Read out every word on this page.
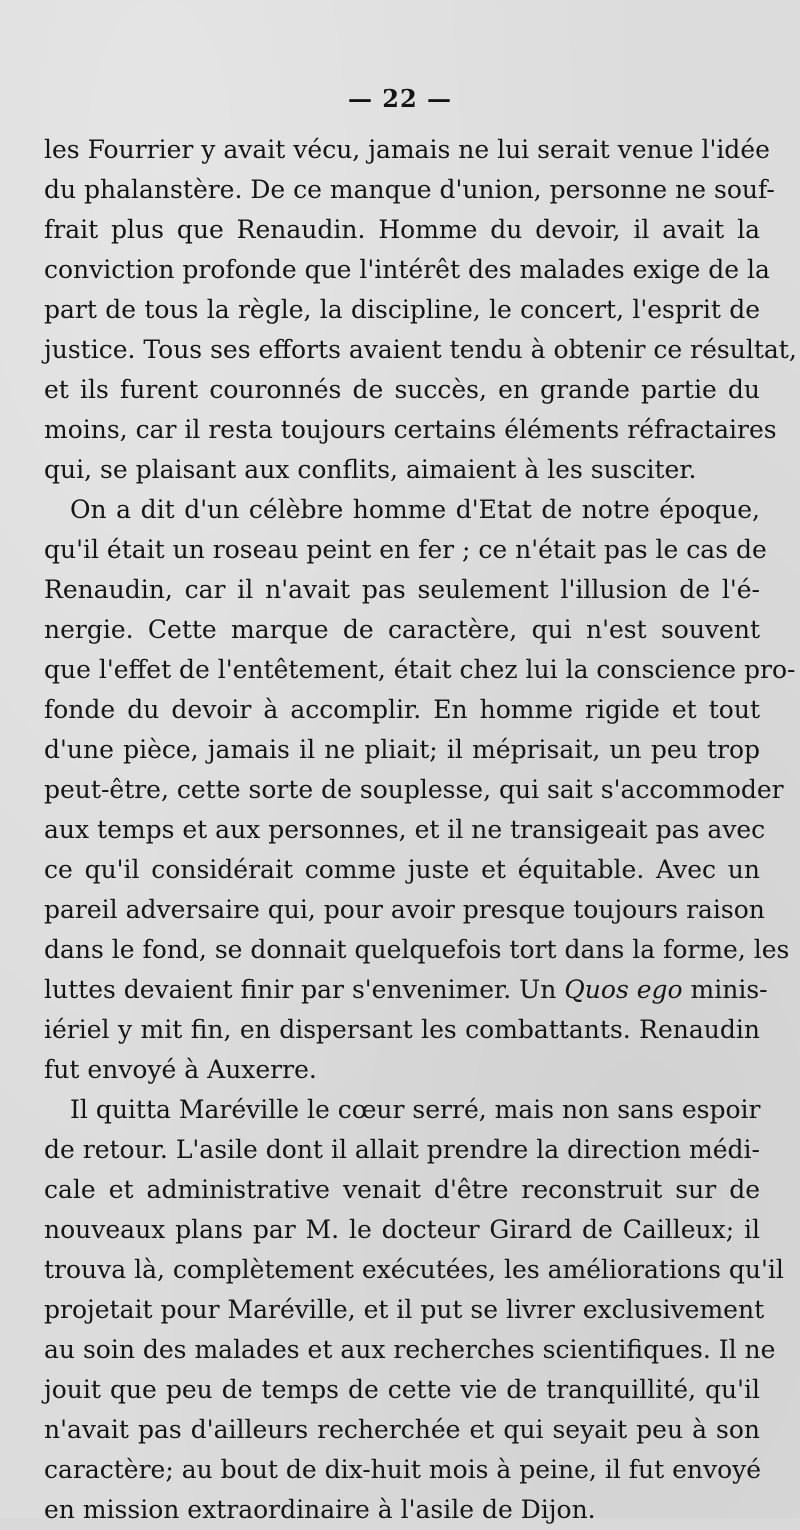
— 22 —
les Fourrier y avait vécu, jamais ne lui serait venue l'idée
du phalanstère. De ce manque d'union, personne ne souf-
frait plus que Renaudin. Homme du devoir, il avait la
conviction profonde que l'intérêt des malades exige de la
part de tous la règle, la discipline, le concert, l'esprit de
justice. Tous ses efforts avaient tendu à obtenir ce résultat,
et ils furent couronnés de succès, en grande partie du
moins, car il resta toujours certains éléments réfractaires
qui, se plaisant aux conflits, aimaient à les susciter.
On a dit d'un célèbre homme d'Etat de notre époque,
qu'il était un roseau peint en fer ; ce n'était pas le cas de
Renaudin, car il n'avait pas seulement l'illusion de l'é-
nergie. Cette marque de caractère, qui n'est souvent
que l'effet de l'entêtement, était chez lui la conscience pro-
fonde du devoir à accomplir. En homme rigide et tout
d'une pièce, jamais il ne pliait; il méprisait, un peu trop
peut-être, cette sorte de souplesse, qui sait s'accommoder
aux temps et aux personnes, et il ne transigeait pas avec
ce qu'il considérait comme juste et équitable. Avec un
pareil adversaire qui, pour avoir presque toujours raison
dans le fond, se donnait quelquefois tort dans la forme, les
luttes devaient finir par s'envenimer. Un Quos ego minis-
iériel y mit fin, en dispersant les combattants. Renaudin
fut envoyé à Auxerre.
Il quitta Maréville le cœur serré, mais non sans espoir
de retour. L'asile dont il allait prendre la direction médi-
cale et administrative venait d'être reconstruit sur de
nouveaux plans par M. le docteur Girard de Cailleux; il
trouva là, complètement exécutées, les améliorations qu'il
projetait pour Maréville, et il put se livrer exclusivement
au soin des malades et aux recherches scientifiques. Il ne
jouit que peu de temps de cette vie de tranquillité, qu'il
n'avait pas d'ailleurs recherchée et qui seyait peu à son
caractère; au bout de dix-huit mois à peine, il fut envoyé
en mission extraordinaire à l'asile de Dijon.
